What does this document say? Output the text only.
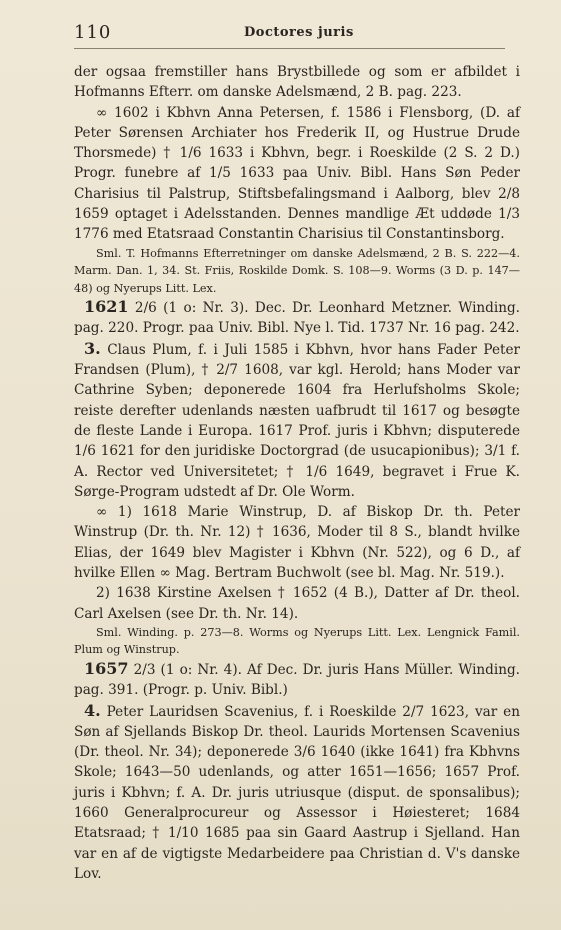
110	Doctores juris

der ogsaa fremstiller hans Brystbillede og som er afbildet i Hofmanns Efterr. om danske Adelsmænd, 2 B. pag. 223.

∞ 1602 i Kbhvn Anna Petersen, f. 1586 i Flensborg, (D. af Peter Sørensen Archiater hos Frederik II, og Hustrue Drude Thorsmede) † 1/6 1633 i Kbhvn, begr. i Roeskilde (2 S. 2 D.) Progr. funebre af 1/5 1633 paa Univ. Bibl. Hans Søn Peder Charisius til Palstrup, Stiftsbefalingsmand i Aalborg, blev 2/8 1659 optaget i Adelsstanden. Dennes mandlige Æt uddøde 1/3 1776 med Etatsraad Constantin Charisius til Constantinsborg.

Sml. T. Hofmanns Efterretninger om danske Adelsmænd, 2 B. S. 222—4. Marm. Dan. 1, 34. St. Friis, Roskilde Domk. S. 108—9. Worms (3 D. p. 147—48) og Nyerups Litt. Lex.

1621 2/6 (1 o: Nr. 3). Dec. Dr. Leonhard Metzner. Winding. pag. 220. Progr. paa Univ. Bibl. Nye l. Tid. 1737 Nr. 16 pag. 242.

3. Claus Plum, f. i Juli 1585 i Kbhvn, hvor hans Fader Peter Frandsen (Plum), † 2/7 1608, var kgl. Herold; hans Moder var Cathrine Syben; deponerede 1604 fra Herlufsholms Skole; reiste derefter udenlands næsten uafbrudt til 1617 og besøgte de fleste Lande i Europa. 1617 Prof. juris i Kbhvn; disputerede 1/6 1621 for den juridiske Doctorgrad (de usucapionibus); 3/1 f. A. Rector ved Universitetet; † 1/6 1649, begravet i Frue K. Sørge-Program udstedt af Dr. Ole Worm.

∞ 1) 1618 Marie Winstrup, D. af Biskop Dr. th. Peter Winstrup (Dr. th. Nr. 12) † 1636, Moder til 8 S., blandt hvilke Elias, der 1649 blev Magister i Kbhvn (Nr. 522), og 6 D., af hvilke Ellen ∞ Mag. Bertram Buchwolt (see bl. Mag. Nr. 519.).

2) 1638 Kirstine Axelsen † 1652 (4 B.), Datter af Dr. theol. Carl Axelsen (see Dr. th. Nr. 14).

Sml. Winding. p. 273—8. Worms og Nyerups Litt. Lex. Lengnick Famil. Plum og Winstrup.

1657 2/3 (1 o: Nr. 4). Af Dec. Dr. juris Hans Müller. Winding. pag. 391. (Progr. p. Univ. Bibl.)

4. Peter Lauridsen Scavenius, f. i Roeskilde 2/7 1623, var en Søn af Sjellands Biskop Dr. theol. Laurids Mortensen Scavenius (Dr. theol. Nr. 34); deponerede 3/6 1640 (ikke 1641) fra Kbhvns Skole; 1643—50 udenlands, og atter 1651—1656; 1657 Prof. juris i Kbhvn; f. A. Dr. juris utriusque (disput. de sponsalibus); 1660 Generalprocureur og Assessor i Høiesteret; 1684 Etatsraad; † 1/10 1685 paa sin Gaard Aastrup i Sjelland. Han var en af de vigtigste Medarbeidere paa Christian d. V's danske Lov.
